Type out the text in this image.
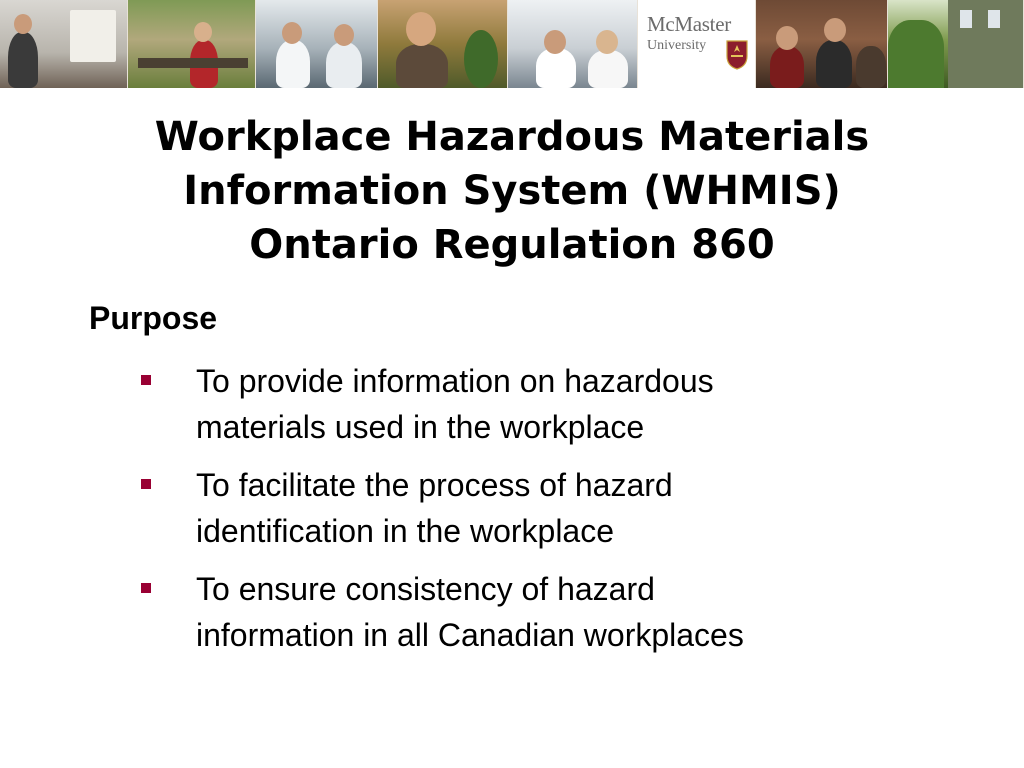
McMaster
University
Workplace Hazardous Materials
Information System (WHMIS)
Ontario Regulation 860
Purpose
To provide information on hazardous
materials used in the workplace
To facilitate the process of hazard
identification in the workplace
To ensure consistency of hazard
information in all Canadian workplaces
